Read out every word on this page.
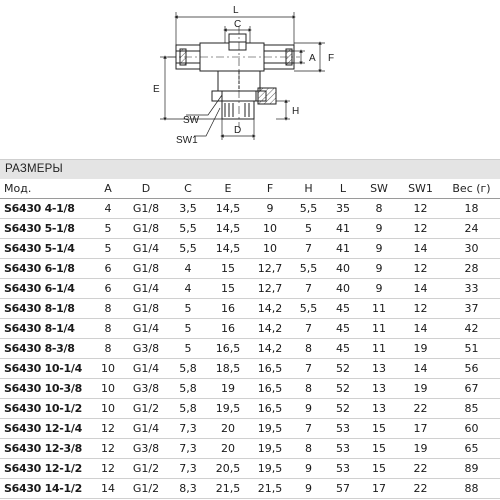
L
C
A F
E
H
D
SW
SW1
РАЗМЕРЫ
Мод.	A	D	C	E	F	H	L	SW	SW1	Вес (г)
S6430 4-1/8	4	G1/8	3,5	14,5	9	5,5	35	8	12	18
S6430 5-1/8	5	G1/8	5,5	14,5	10	5	41	9	12	24
S6430 5-1/4	5	G1/4	5,5	14,5	10	7	41	9	14	30
S6430 6-1/8	6	G1/8	4	15	12,7	5,5	40	9	12	28
S6430 6-1/4	6	G1/4	4	15	12,7	7	40	9	14	33
S6430 8-1/8	8	G1/8	5	16	14,2	5,5	45	11	12	37
S6430 8-1/4	8	G1/4	5	16	14,2	7	45	11	14	42
S6430 8-3/8	8	G3/8	5	16,5	14,2	8	45	11	19	51
S6430 10-1/4	10	G1/4	5,8	18,5	16,5	7	52	13	14	56
S6430 10-3/8	10	G3/8	5,8	19	16,5	8	52	13	19	67
S6430 10-1/2	10	G1/2	5,8	19,5	16,5	9	52	13	22	85
S6430 12-1/4	12	G1/4	7,3	20	19,5	7	53	15	17	60
S6430 12-3/8	12	G3/8	7,3	20	19,5	8	53	15	19	65
S6430 12-1/2	12	G1/2	7,3	20,5	19,5	9	53	15	22	89
S6430 14-1/2	14	G1/2	8,3	21,5	21,5	9	57	17	22	88
